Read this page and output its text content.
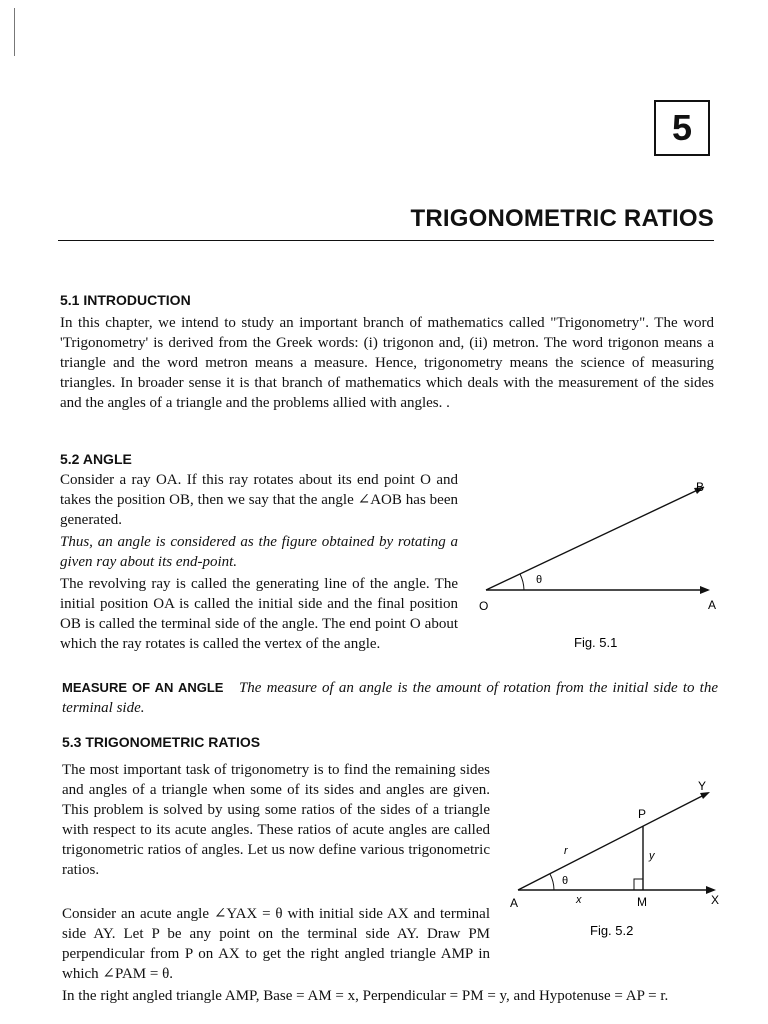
5
TRIGONOMETRIC RATIOS
5.1 INTRODUCTION
In this chapter, we intend to study an important branch of mathematics called "Trigonometry". The word 'Trigonometry' is derived from the Greek words: (i) trigonon and, (ii) metron. The word trigonon means a triangle and the word metron means a measure. Hence, trigonometry means the science of measuring triangles. In broader sense it is that branch of mathematics which deals with the measurement of the sides and the angles of a triangle and the problems allied with angles. .
5.2 ANGLE
Consider a ray OA. If this ray rotates about its end point O and takes the position OB, then we say that the angle ∠AOB has been generated.
Thus, an angle is considered as the figure obtained by rotating a given ray about its end-point.
The revolving ray is called the generating line of the angle. The initial position OA is called the initial side and the final position OB is called the terminal side of the angle. The end point O about which the ray rotates is called the vertex of the angle.
θ
O	A
B
Fig. 5.1
MEASURE OF AN ANGLE The measure of an angle is the amount of rotation from the initial side to the terminal side.
5.3 TRIGONOMETRIC RATIOS
The most important task of trigonometry is to find the remaining sides and angles of a triangle when some of its sides and angles are given. This problem is solved by using some ratios of the sides of a triangle with respect to its acute angles. These ratios of acute angles are called trigonometric ratios of angles. Let us now define various trigonometric ratios.
Consider an acute angle ∠YAX = θ with initial side AX and terminal side AY. Let P be any point on the terminal side AY. Draw PM perpendicular from P on AX to get the right angled triangle AMP in which ∠PAM = θ.
In the right angled triangle AMP, Base = AM = x, Perpendicular = PM = y, and Hypotenuse = AP = r.
θ
A
P
M	X
Y
r	y
x
Fig. 5.2
